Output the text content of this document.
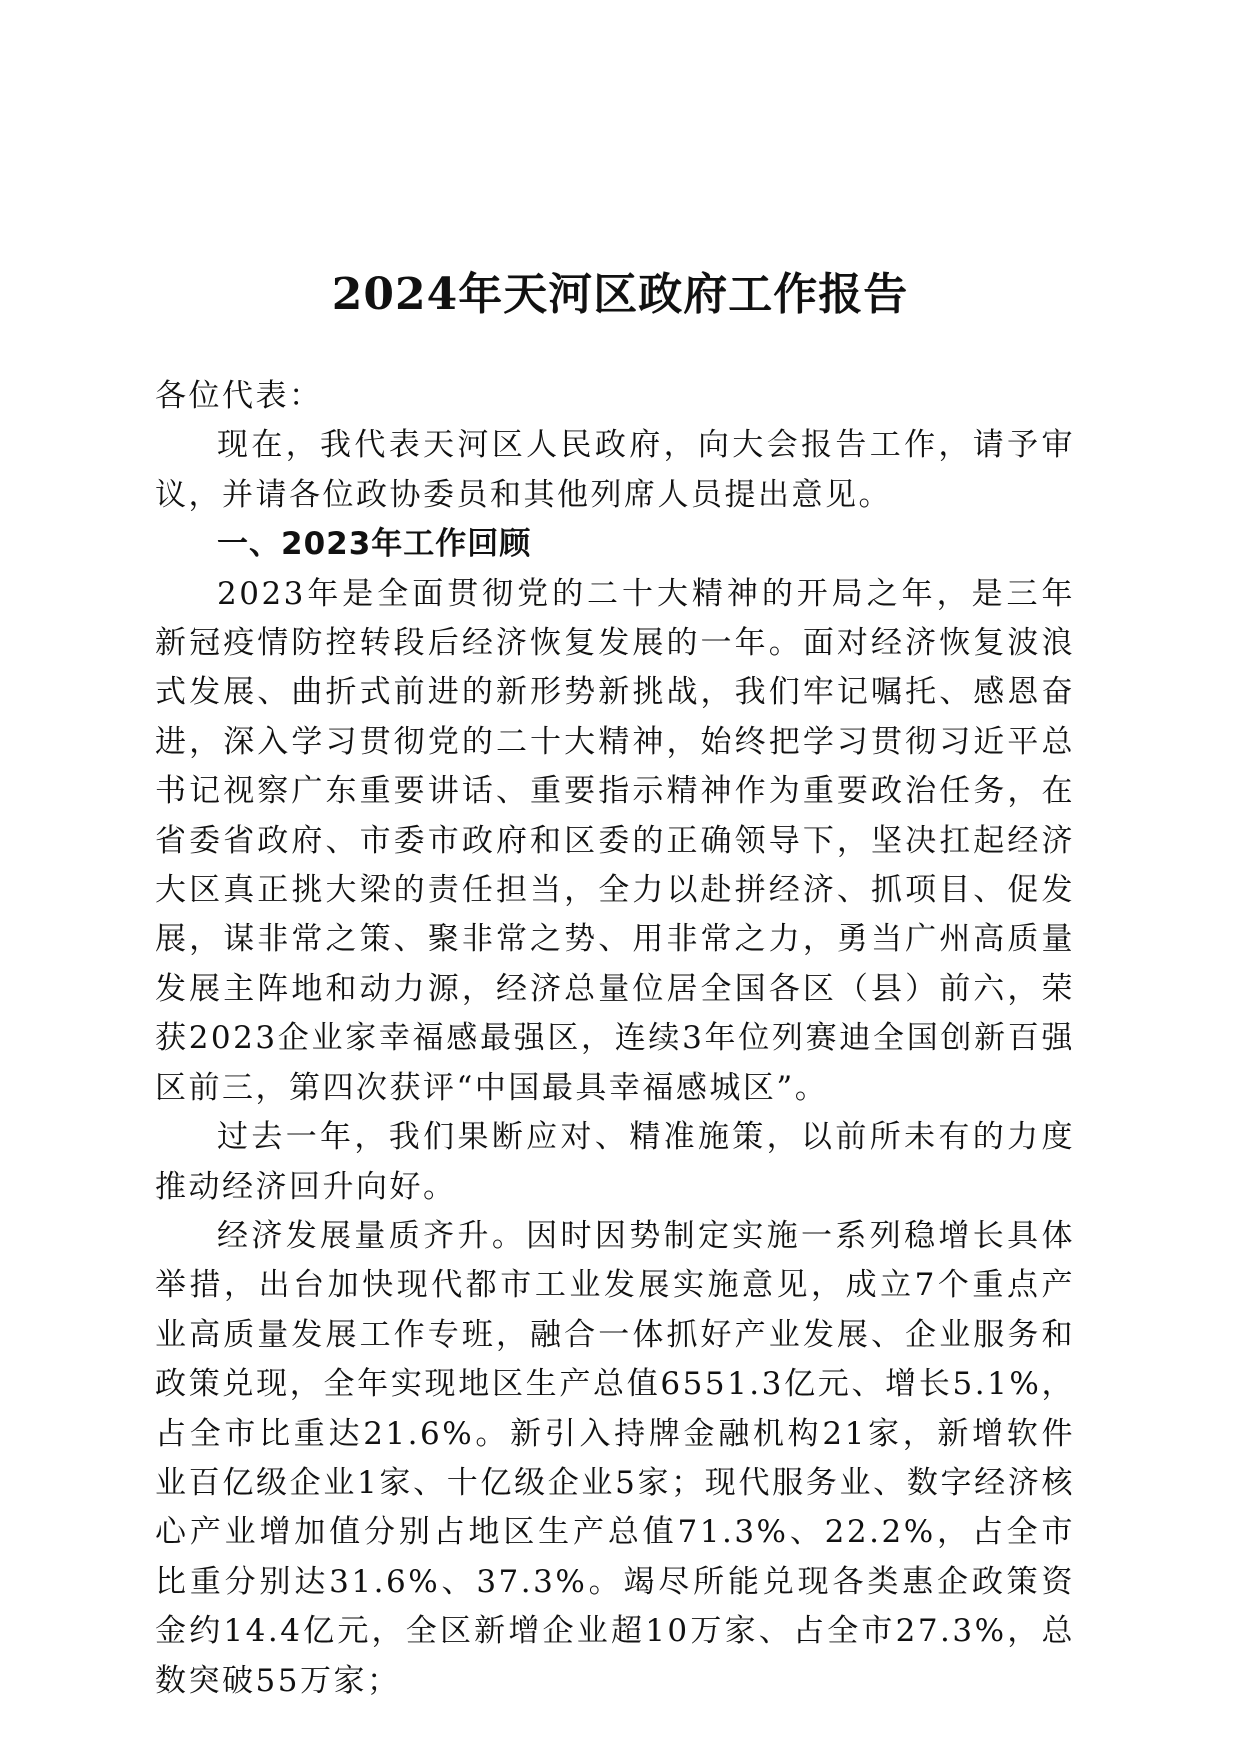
2024年天河区政府工作报告

各位代表：

现在，我代表天河区人民政府，向大会报告工作，请予审议，并请各位政协委员和其他列席人员提出意见。

一、2023年工作回顾

2023年是全面贯彻党的二十大精神的开局之年，是三年新冠疫情防控转段后经济恢复发展的一年。面对经济恢复波浪式发展、曲折式前进的新形势新挑战，我们牢记嘱托、感恩奋进，深入学习贯彻党的二十大精神，始终把学习贯彻习近平总书记视察广东重要讲话、重要指示精神作为重要政治任务，在省委省政府、市委市政府和区委的正确领导下，坚决扛起经济大区真正挑大梁的责任担当，全力以赴拼经济、抓项目、促发展，谋非常之策、聚非常之势、用非常之力，勇当广州高质量发展主阵地和动力源，经济总量位居全国各区（县）前六，荣获2023企业家幸福感最强区，连续3年位列赛迪全国创新百强区前三，第四次获评“中国最具幸福感城区”。

过去一年，我们果断应对、精准施策，以前所未有的力度推动经济回升向好。

经济发展量质齐升。因时因势制定实施一系列稳增长具体举措，出台加快现代都市工业发展实施意见，成立7个重点产业高质量发展工作专班，融合一体抓好产业发展、企业服务和政策兑现，全年实现地区生产总值6551.3亿元、增长5.1%，占全市比重达21.6%。新引入持牌金融机构21家，新增软件业百亿级企业1家、十亿级企业5家；现代服务业、数字经济核心产业增加值分别占地区生产总值71.3%、22.2%，占全市比重分别达31.6%、37.3%。竭尽所能兑现各类惠企政策资金约14.4亿元，全区新增企业超10万家、占全市27.3%，总数突破55万家；
